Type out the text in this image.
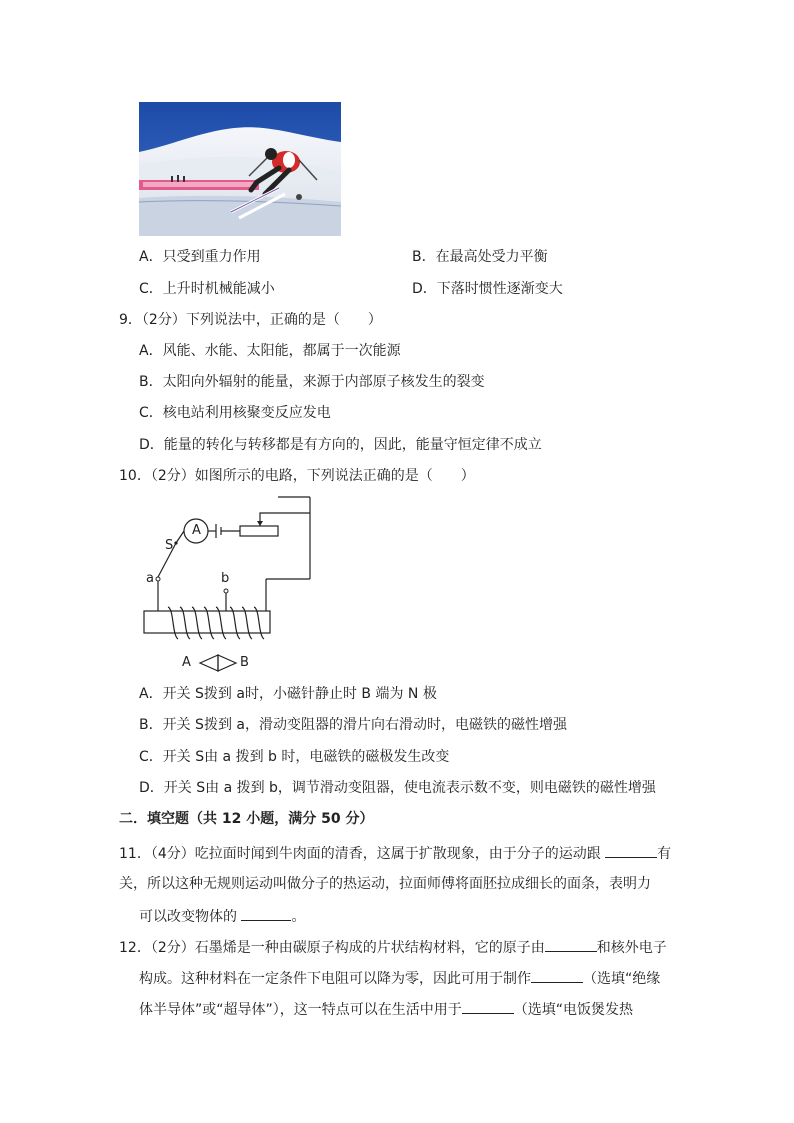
A．只受到重力作用	B．在最高处受力平衡
C．上升时机械能减小	D．下落时惯性逐渐变大
9．（2分）下列说法中，正确的是（　　）
A．风能、水能、太阳能，都属于一次能源
B．太阳向外辐射的能量，来源于内部原子核发生的裂变
C．核电站利用核聚变反应发电
D．能量的转化与转移都是有方向的，因此，能量守恒定律不成立
10．（2分）如图所示的电路，下列说法正确的是（　　）
A
S
a	b
A	B
A．开关 S拨到 a时，小磁针静止时 B 端为 N 极
B．开关 S拨到 a，滑动变阻器的滑片向右滑动时，电磁铁的磁性增强
C．开关 S由 a 拨到 b 时，电磁铁的磁极发生改变
D．开关 S由 a 拨到 b，调节滑动变阻器，使电流表示数不变，则电磁铁的磁性增强
二．填空题（共 12 小题，满分 50 分）
11．（4分）吃拉面时闻到牛肉面的清香，这属于扩散现象，由于分子的运动跟	有
关，所以这种无规则运动叫做分子的热运动，拉面师傅将面胚拉成细长的面条，表明力
可以改变物体的	。
12．（2分）石墨烯是一种由碳原子构成的片状结构材料，它的原子由	和核外电子
构成。这种材料在一定条件下电阻可以降为零，因此可用于制作	（选填“绝缘
体半导体”或“超导体”），这一特点可以在生活中用于	（选填“电饭煲发热
